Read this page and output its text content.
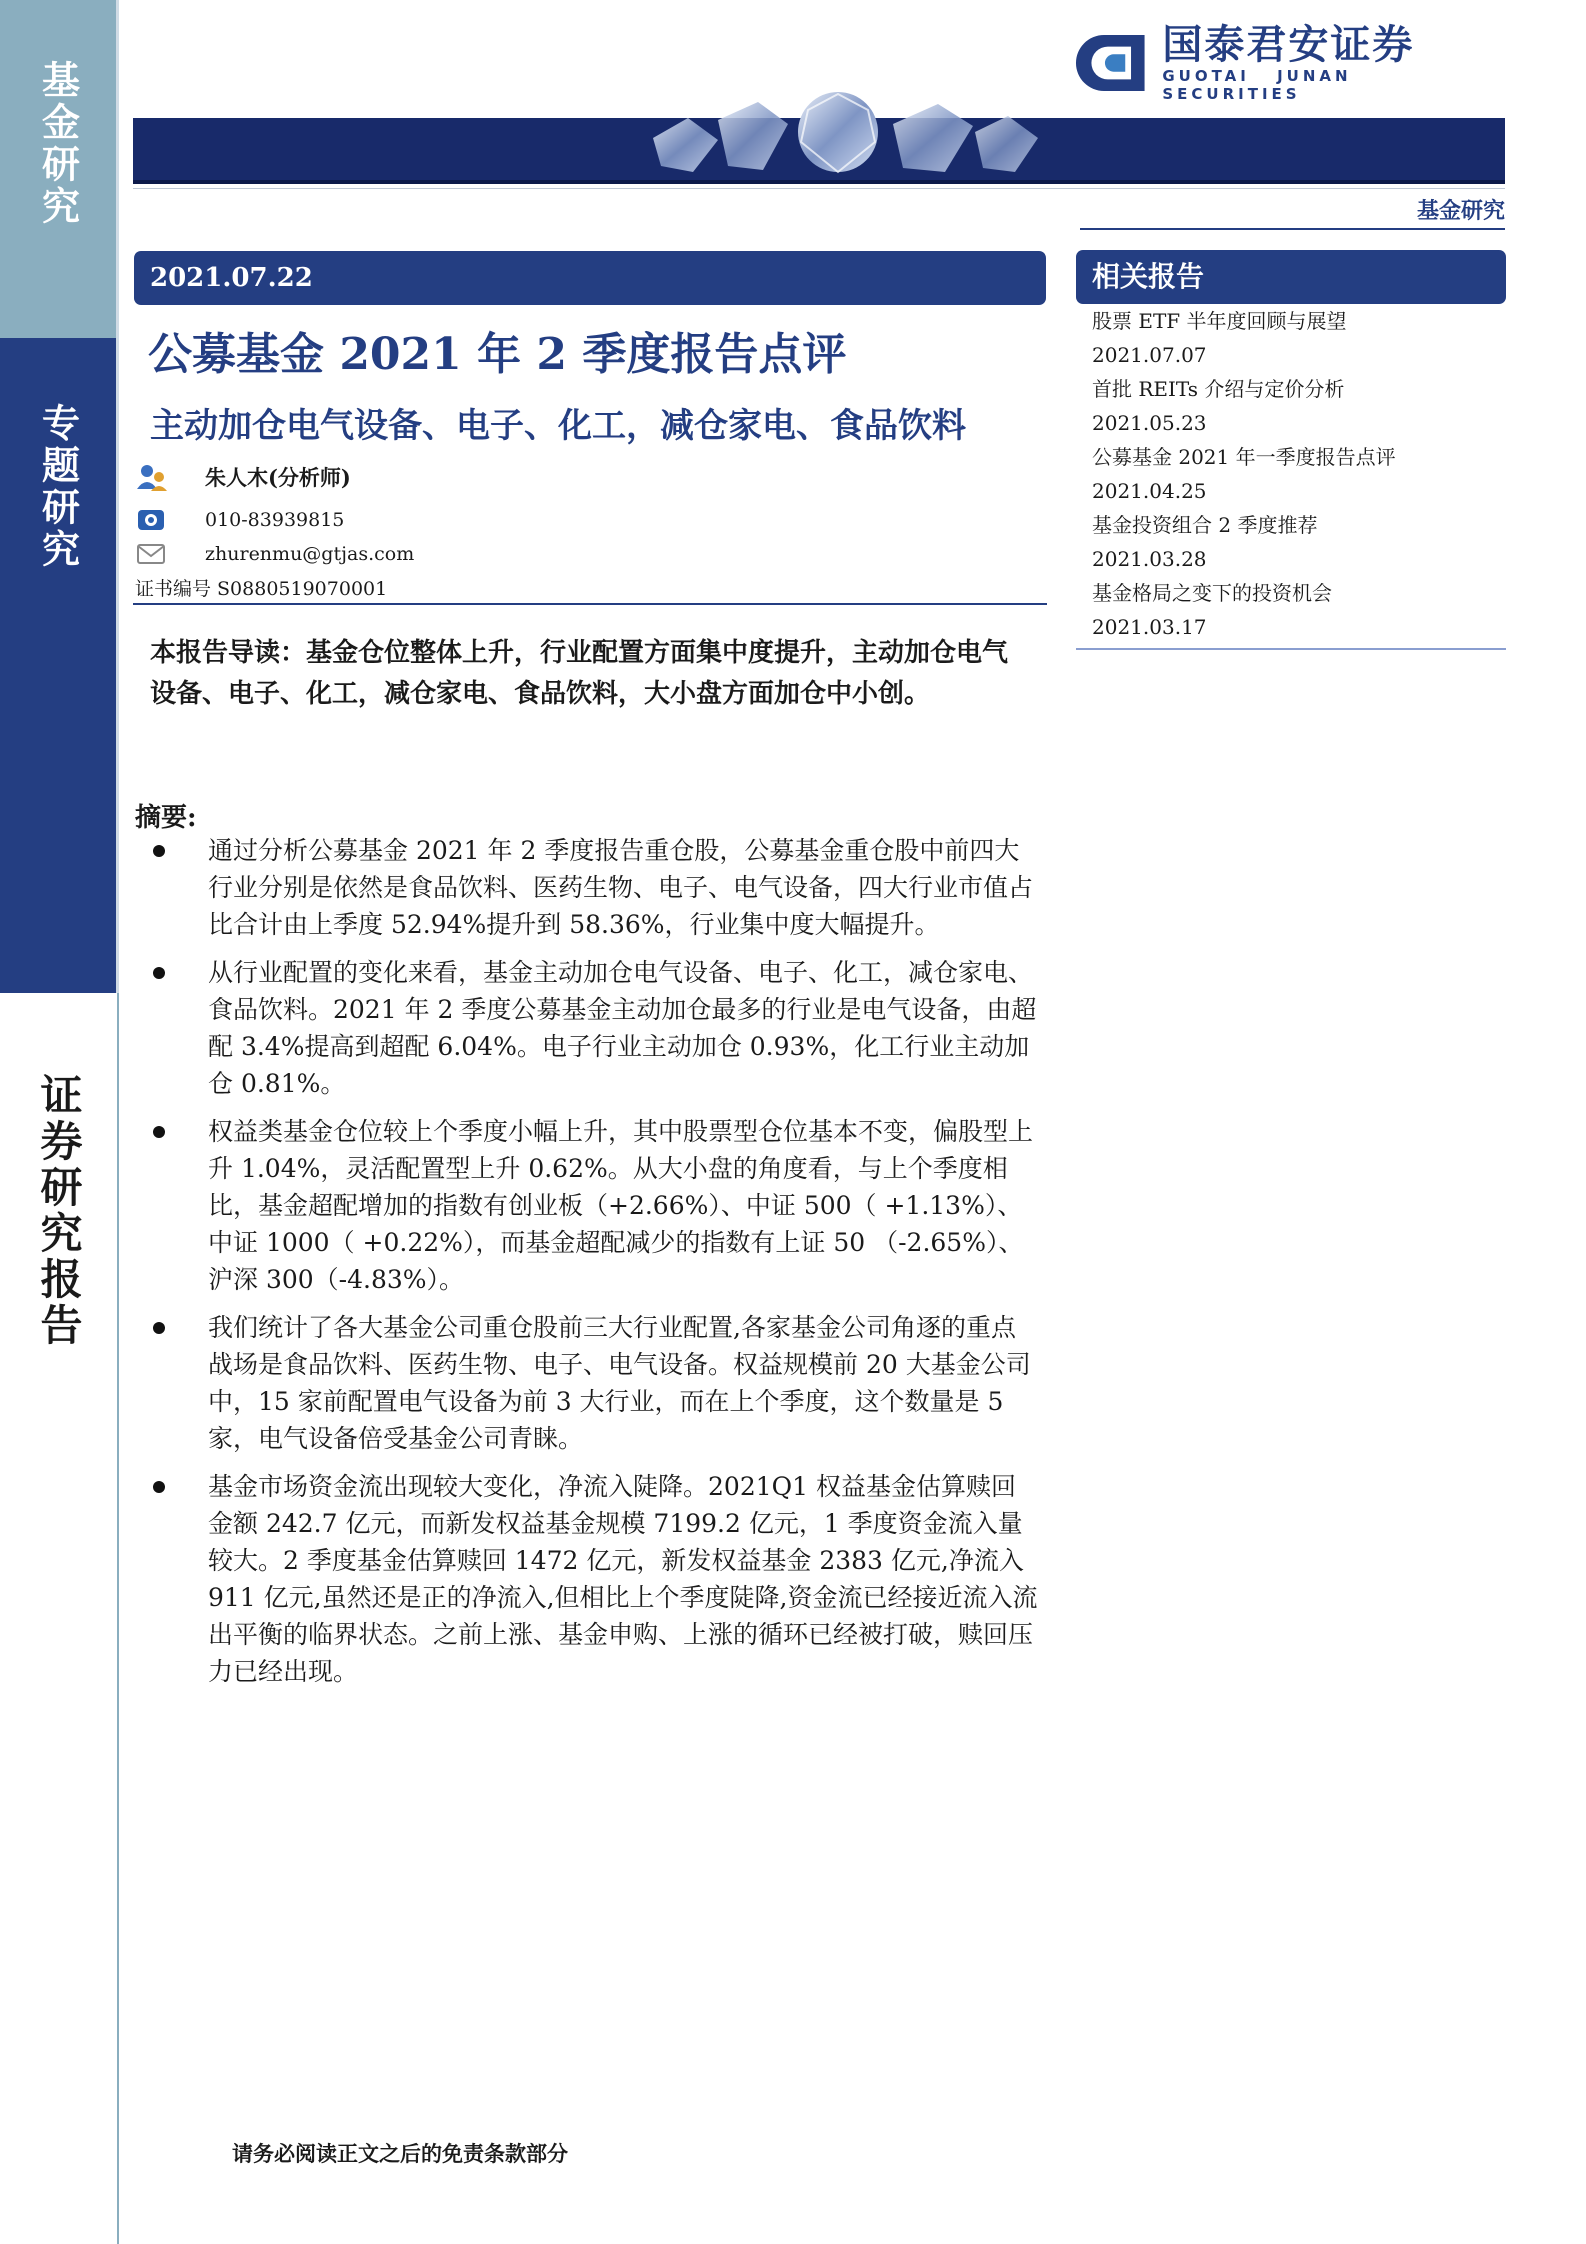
基金研究
专题研究
证券研究报告
国泰君安证券
GUOTAI JUNAN SECURITIES
基金研究
2021.07.22
公募基金 2021 年 2 季度报告点评
主动加仓电气设备、电子、化工，减仓家电、食品饮料
朱人木(分析师)
010-83939815
zhurenmu@gtjas.com
证书编号 S0880519070001
本报告导读：基金仓位整体上升，行业配置方面集中度提升，主动加仓电气设备、电子、化工，减仓家电、食品饮料，大小盘方面加仓中小创。
摘要:
通过分析公募基金 2021 年 2 季度报告重仓股，公募基金重仓股中前四大行业分别是依然是食品饮料、医药生物、电子、电气设备，四大行业市值占比合计由上季度 52.94%提升到 58.36%，行业集中度大幅提升。
从行业配置的变化来看，基金主动加仓电气设备、电子、化工，减仓家电、食品饮料。2021 年 2 季度公募基金主动加仓最多的行业是电气设备，由超配 3.4%提高到超配 6.04%。电子行业主动加仓 0.93%，化工行业主动加仓 0.81%。
权益类基金仓位较上个季度小幅上升，其中股票型仓位基本不变，偏股型上升 1.04%，灵活配置型上升 0.62%。从大小盘的角度看，与上个季度相比，基金超配增加的指数有创业板（+2.66%）、中证 500（ +1.13%）、中证 1000（ +0.22%），而基金超配减少的指数有上证 50 （-2.65%）、沪深 300（-4.83%）。
我们统计了各大基金公司重仓股前三大行业配置,各家基金公司角逐的重点战场是食品饮料、医药生物、电子、电气设备。权益规模前 20 大基金公司中，15 家前配置电气设备为前 3 大行业，而在上个季度，这个数量是 5 家，电气设备倍受基金公司青睐。
基金市场资金流出现较大变化，净流入陡降。2021Q1 权益基金估算赎回金额 242.7 亿元，而新发权益基金规模 7199.2 亿元，1 季度资金流入量较大。2 季度基金估算赎回 1472 亿元，新发权益基金 2383 亿元,净流入 911 亿元,虽然还是正的净流入,但相比上个季度陡降,资金流已经接近流入流出平衡的临界状态。之前上涨、基金申购、上涨的循环已经被打破，赎回压力已经出现。
相关报告
股票 ETF 半年度回顾与展望
2021.07.07
首批 REITs 介绍与定价分析
2021.05.23
公募基金 2021 年一季度报告点评
2021.04.25
基金投资组合 2 季度推荐
2021.03.28
基金格局之变下的投资机会
2021.03.17
请务必阅读正文之后的免责条款部分
